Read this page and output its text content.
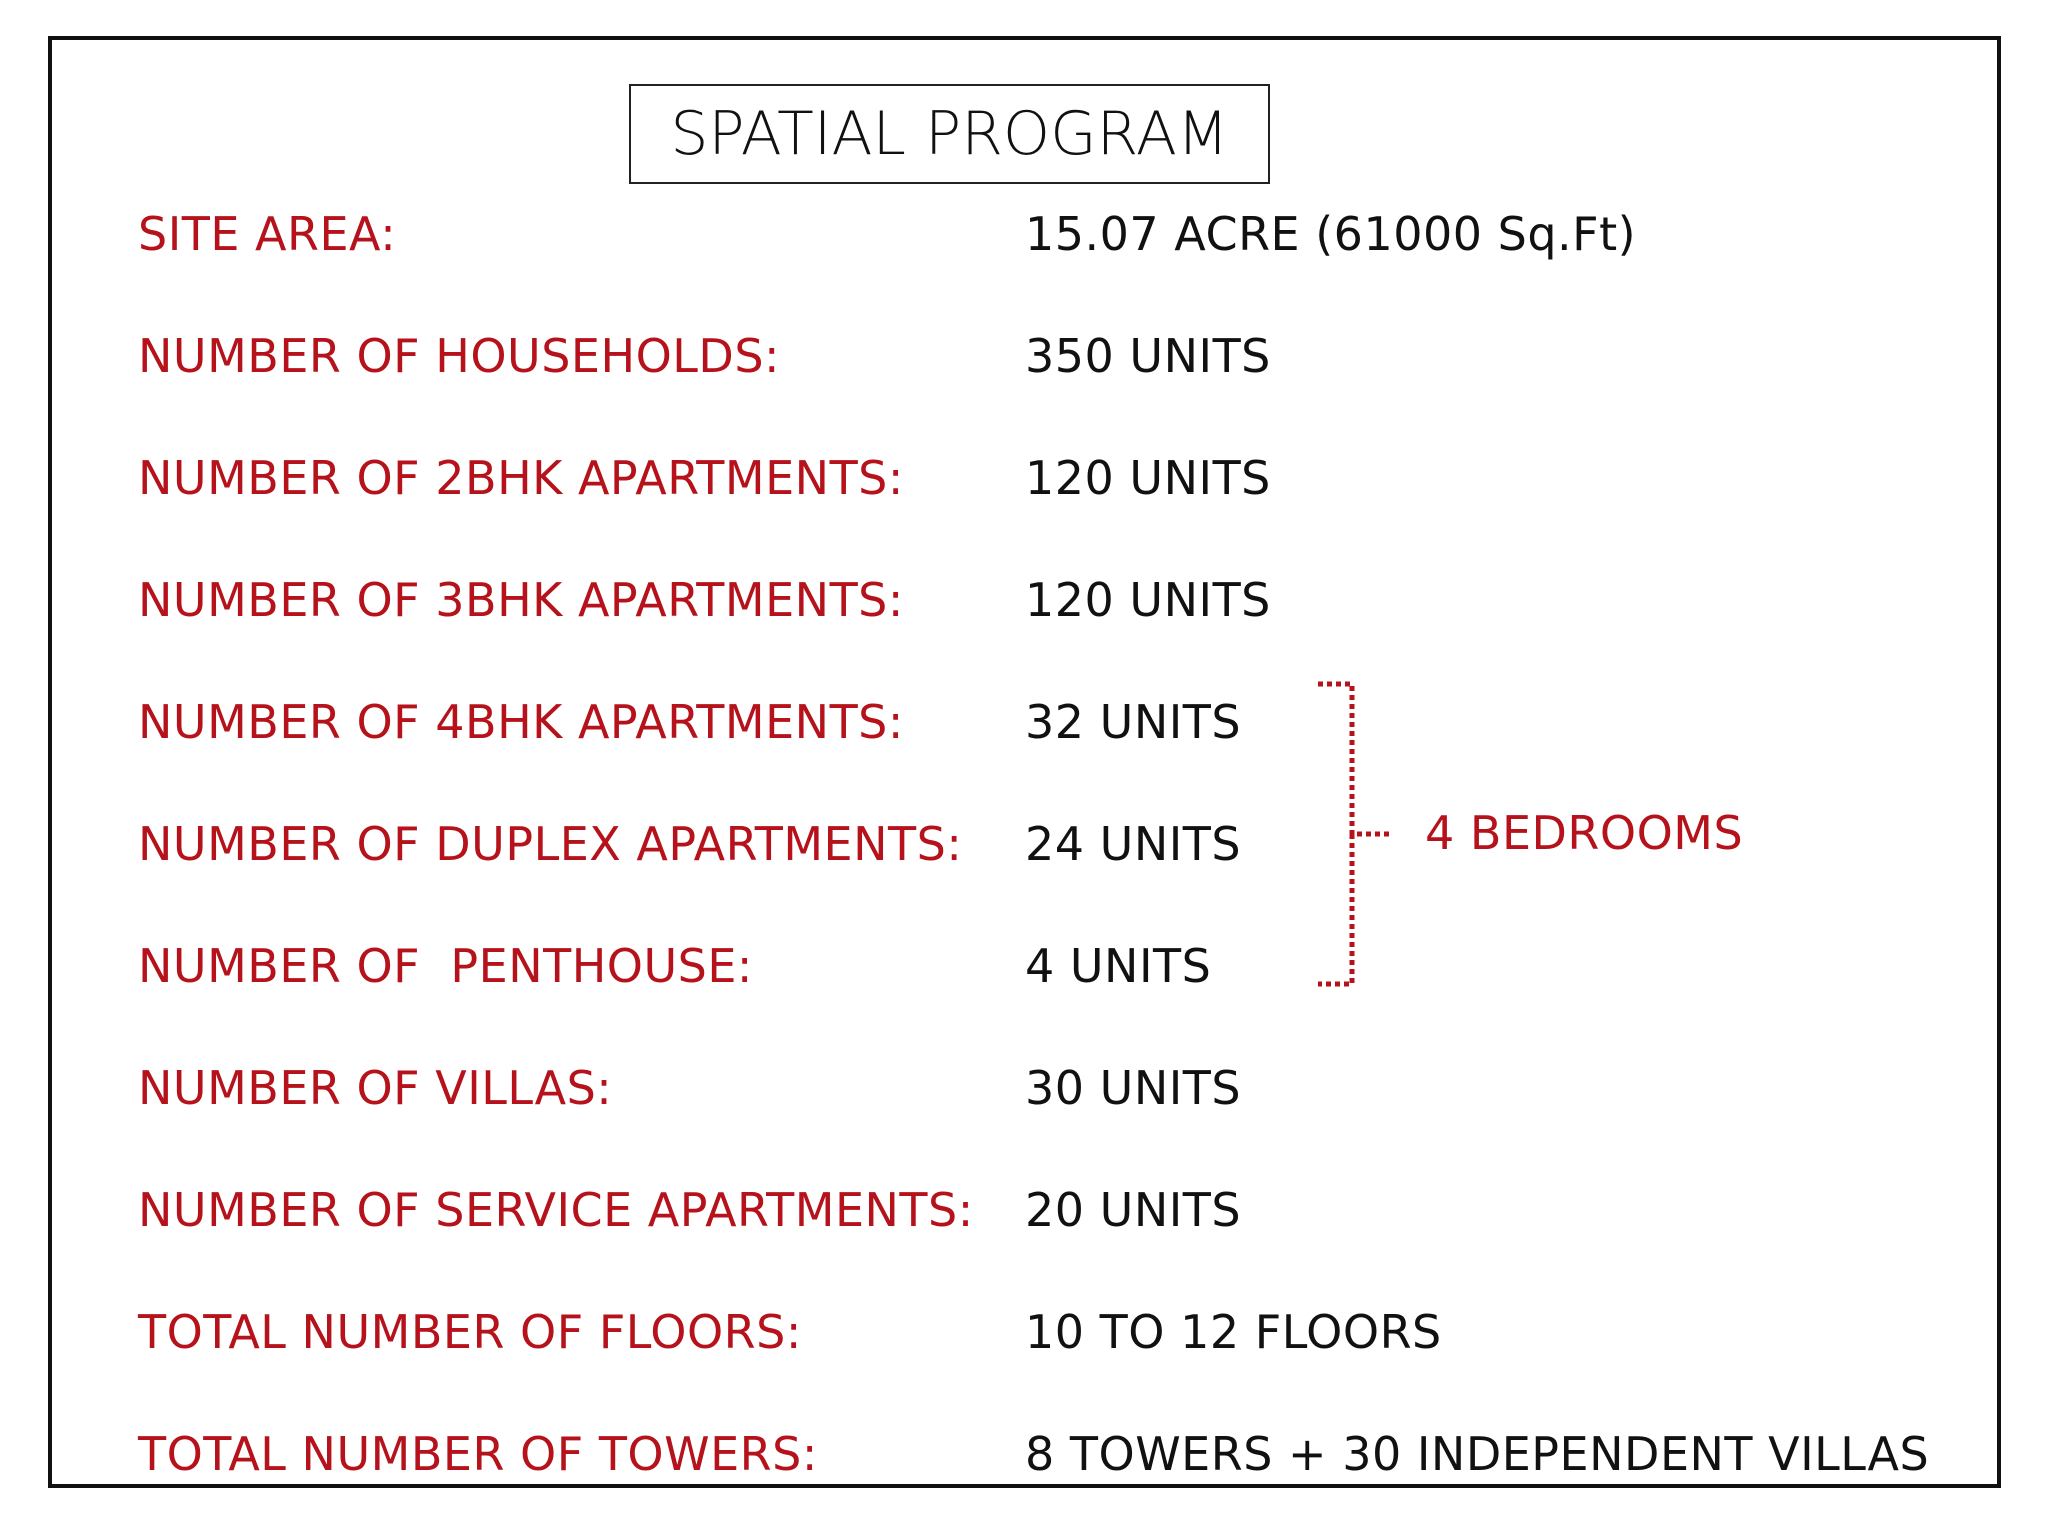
SPATIAL PROGRAM
SITE AREA:	15.07 ACRE (61000 Sq.Ft)
NUMBER OF HOUSEHOLDS:	350 UNITS
NUMBER OF 2BHK APARTMENTS:	120 UNITS
NUMBER OF 3BHK APARTMENTS:	120 UNITS
NUMBER OF 4BHK APARTMENTS:	32 UNITS
NUMBER OF DUPLEX APARTMENTS: 24 UNITS
NUMBER OF  PENTHOUSE:	4 UNITS
NUMBER OF VILLAS:	30 UNITS
NUMBER OF SERVICE APARTMENTS: 20 UNITS
TOTAL NUMBER OF FLOORS:	10 TO 12 FLOORS
TOTAL NUMBER OF TOWERS:	8 TOWERS + 30 INDEPENDENT VILLAS
4 BEDROOMS
